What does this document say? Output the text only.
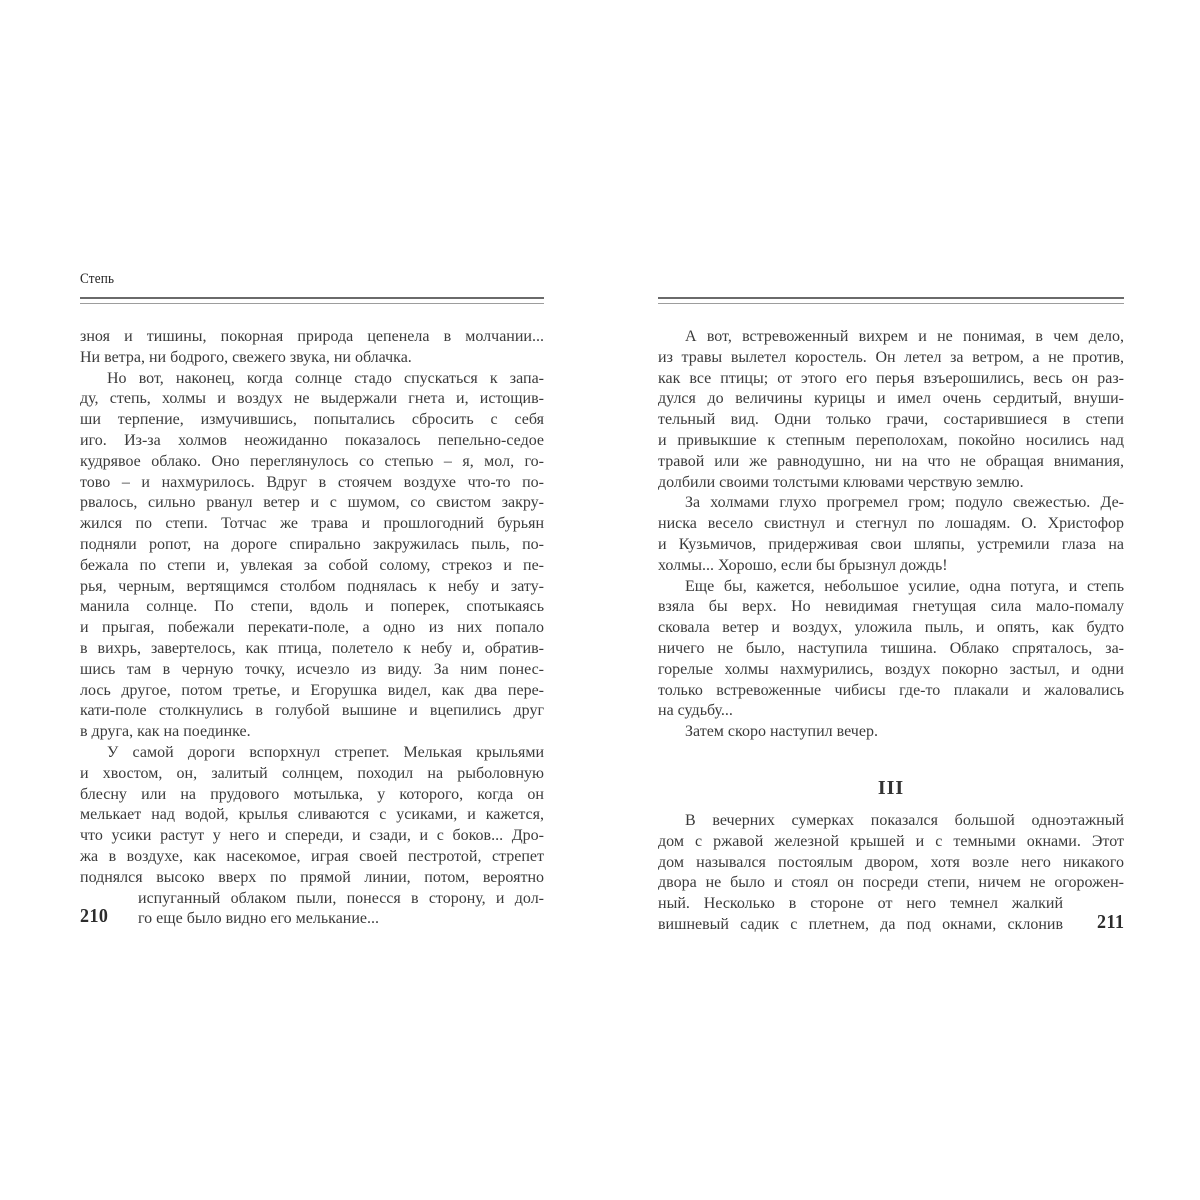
Степь
зноя и тишины, покорная природа цепенела в молчании...
Ни ветра, ни бодрого, свежего звука, ни облачка.
Но вот, наконец, когда солнце стадо спускаться к запа-
ду, степь, холмы и воздух не выдержали гнета и, истощив-
ши терпение, измучившись, попытались сбросить с себя
иго. Из-за холмов неожиданно показалось пепельно-седое
кудрявое облако. Оно переглянулось со степью – я, мол, го-
тово – и нахмурилось. Вдруг в стоячем воздухе что-то по-
рвалось, сильно рванул ветер и с шумом, со свистом закру-
жился по степи. Тотчас же трава и прошлогодний бурьян
подняли ропот, на дороге спирально закружилась пыль, по-
бежала по степи и, увлекая за собой солому, стрекоз и пе-
рья, черным, вертящимся столбом поднялась к небу и зату-
манила солнце. По степи, вдоль и поперек, спотыкаясь
и прыгая, побежали перекати-поле, а одно из них попало
в вихрь, завертелось, как птица, полетело к небу и, обратив-
шись там в черную точку, исчезло из виду. За ним понес-
лось другое, потом третье, и Егорушка видел, как два пере-
кати-поле столкнулись в голубой вышине и вцепились друг
в друга, как на поединке.
У самой дороги вспорхнул стрепет. Мелькая крыльями
и хвостом, он, залитый солнцем, походил на рыболовную
блесну или на прудового мотылька, у которого, когда он
мелькает над водой, крылья сливаются с усиками, и кажется,
что усики растут у него и спереди, и сзади, и с боков... Дро-
жа в воздухе, как насекомое, играя своей пестротой, стрепет
поднялся высоко вверх по прямой линии, потом, вероятно
испуганный облаком пыли, понесся в сторону, и дол-
го еще было видно его мелькание...
210
А вот, встревоженный вихрем и не понимая, в чем дело,
из травы вылетел коростель. Он летел за ветром, а не против,
как все птицы; от этого его перья взъерошились, весь он раз-
дулся до величины курицы и имел очень сердитый, внуши-
тельный вид. Одни только грачи, состарившиеся в степи
и привыкшие к степным переполохам, покойно носились над
травой или же равнодушно, ни на что не обращая внимания,
долбили своими толстыми клювами черствую землю.
За холмами глухо прогремел гром; подуло свежестью. Де-
ниска весело свистнул и стегнул по лошадям. О. Христофор
и Кузьмичов, придерживая свои шляпы, устремили глаза на
холмы... Хорошо, если бы брызнул дождь!
Еще бы, кажется, небольшое усилие, одна потуга, и степь
взяла бы верх. Но невидимая гнетущая сила мало-помалу
сковала ветер и воздух, уложила пыль, и опять, как будто
ничего не было, наступила тишина. Облако спряталось, за-
горелые холмы нахмурились, воздух покорно застыл, и одни
только встревоженные чибисы где-то плакали и жаловались
на судьбу...
Затем скоро наступил вечер.
III
В вечерних сумерках показался большой одноэтажный
дом с ржавой железной крышей и с темными окнами. Этот
дом назывался постоялым двором, хотя возле него никакого
двора не было и стоял он посреди степи, ничем не огорожен-
ный. Несколько в стороне от него темнел жалкий
вишневый садик с плетнем, да под окнами, склонив 211
